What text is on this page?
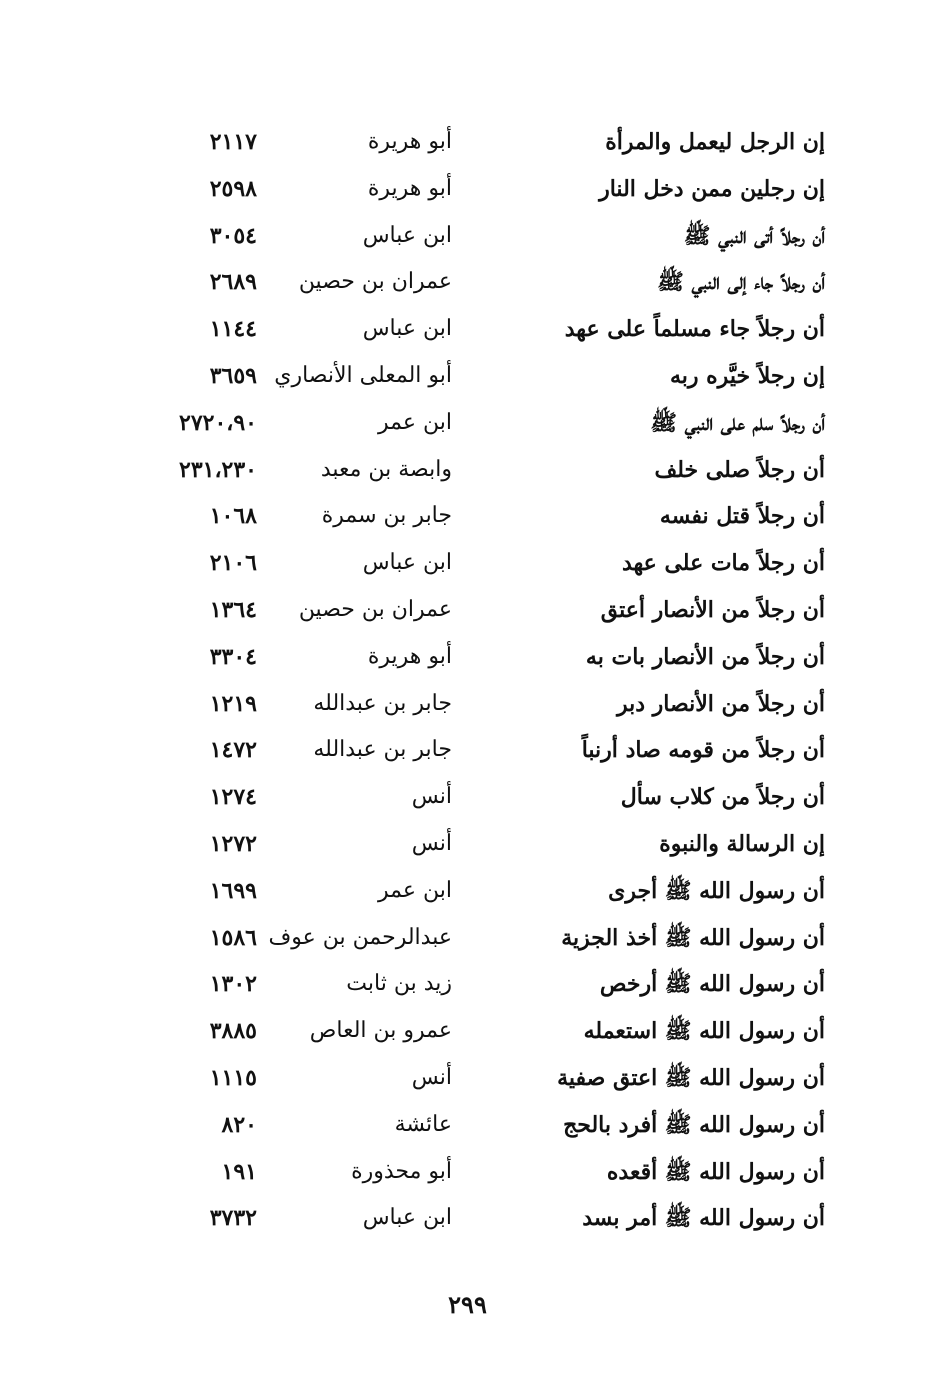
إن الرجل ليعمل والمرأة
أبو هريرة
٢١١٧
إن رجلين ممن دخل النار
أبو هريرة
٢٥٩٨
أن رجلاً أتى النبي ﷺ
ابن عباس
٣٠٥٤
أن رجلاً جاء إلى النبي ﷺ
عمران بن حصين
٢٦٨٩
أن رجلاً جاء مسلماً على عهد
ابن عباس
١١٤٤
إن رجلاً خيَّره ربه
أبو المعلى الأنصاري
٣٦٥٩
أن رجلاً سلم على النبي ﷺ
ابن عمر
٢٧٢٠،٩٠
أن رجلاً صلى خلف
وابصة بن معبد
٢٣١،٢٣٠
أن رجلاً قتل نفسه
جابر بن سمرة
١٠٦٨
أن رجلاً مات على عهد
ابن عباس
٢١٠٦
أن رجلاً من الأنصار أعتق
عمران بن حصين
١٣٦٤
أن رجلاً من الأنصار بات به
أبو هريرة
٣٣٠٤
أن رجلاً من الأنصار دبر
جابر بن عبدالله
١٢١٩
أن رجلاً من قومه صاد أرنباً
جابر بن عبدالله
١٤٧٢
أن رجلاً من كلاب سأل
أنس
١٢٧٤
إن الرسالة والنبوة
أنس
١٢٧٢
أن رسول الله ﷺ أجرى
ابن عمر
١٦٩٩
أن رسول الله ﷺ أخذ الجزية
عبدالرحمن بن عوف
١٥٨٦
أن رسول الله ﷺ أرخص
زيد بن ثابت
١٣٠٢
أن رسول الله ﷺ استعمله
عمرو بن العاص
٣٨٨٥
أن رسول الله ﷺ اعتق صفية
أنس
١١١٥
أن رسول الله ﷺ أفرد بالحج
عائشة
٨٢٠
أن رسول الله ﷺ أقعده
أبو محذورة
١٩١
أن رسول الله ﷺ أمر بسد
ابن عباس
٣٧٣٢
٢٩٩
